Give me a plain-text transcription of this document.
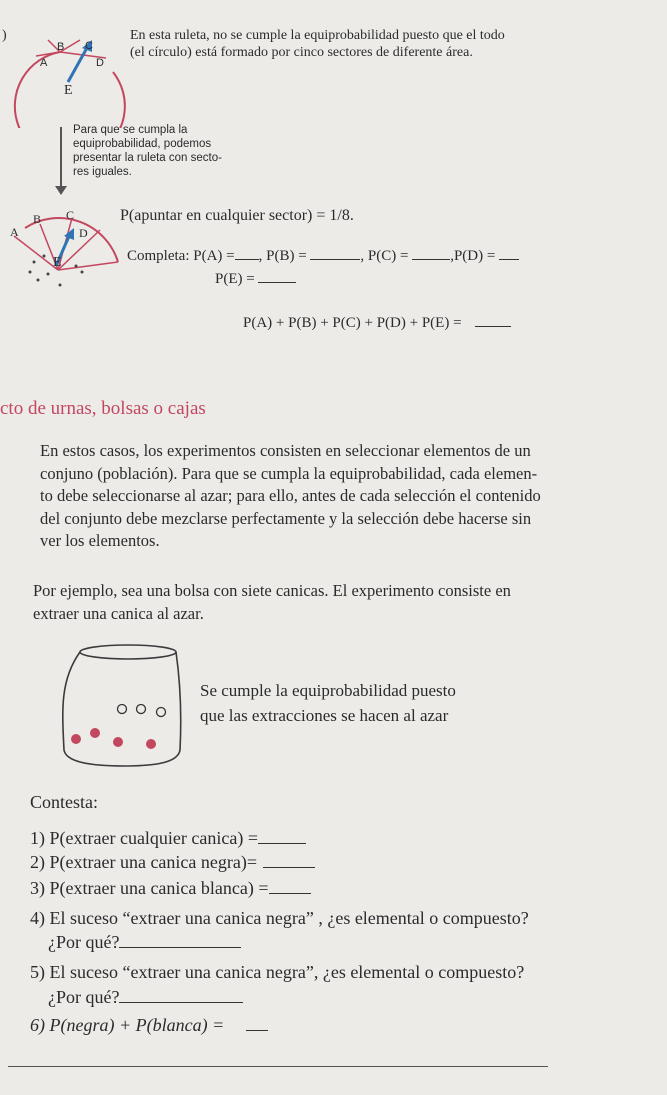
B C
A	D
E
)	En esta ruleta, no se cumple la equiprobabilidad puesto que el todo
(el círculo) está formado por cinco sectores de diferente área.
Para que se cumpla la
equiprobabilidad, podemos
presentar la ruleta con secto-
res iguales.
B C
A	D
E
P(apuntar en cualquier sector) = 1/8.
Completa: P(A) = , P(B) =	, P(C) =	,P(D) =
P(E) =
P(A) + P(B) + P(C) + P(D) + P(E) =
cto de urnas, bolsas o cajas
En estos casos, los experimentos consisten en seleccionar elementos de un
conjuno (población). Para que se cumpla la equiprobabilidad, cada elemen-
to debe seleccionarse al azar; para ello, antes de cada selección el contenido
del conjunto debe mezclarse perfectamente y la selección debe hacerse sin
ver los elementos.
Por ejemplo, sea una bolsa con siete canicas. El experimento consiste en
extraer una canica al azar.
Se cumple la equiprobabilidad puesto
que las extracciones se hacen al azar
Contesta:
1) P(extraer cualquier canica) =
2) P(extraer una canica negra)=
3) P(extraer una canica blanca) =
4) El suceso “extraer una canica negra” , ¿es elemental o compuesto?
¿Por qué?
5) El suceso “extraer una canica negra”, ¿es elemental o compuesto?
¿Por qué?
6) P(negra) + P(blanca) =
